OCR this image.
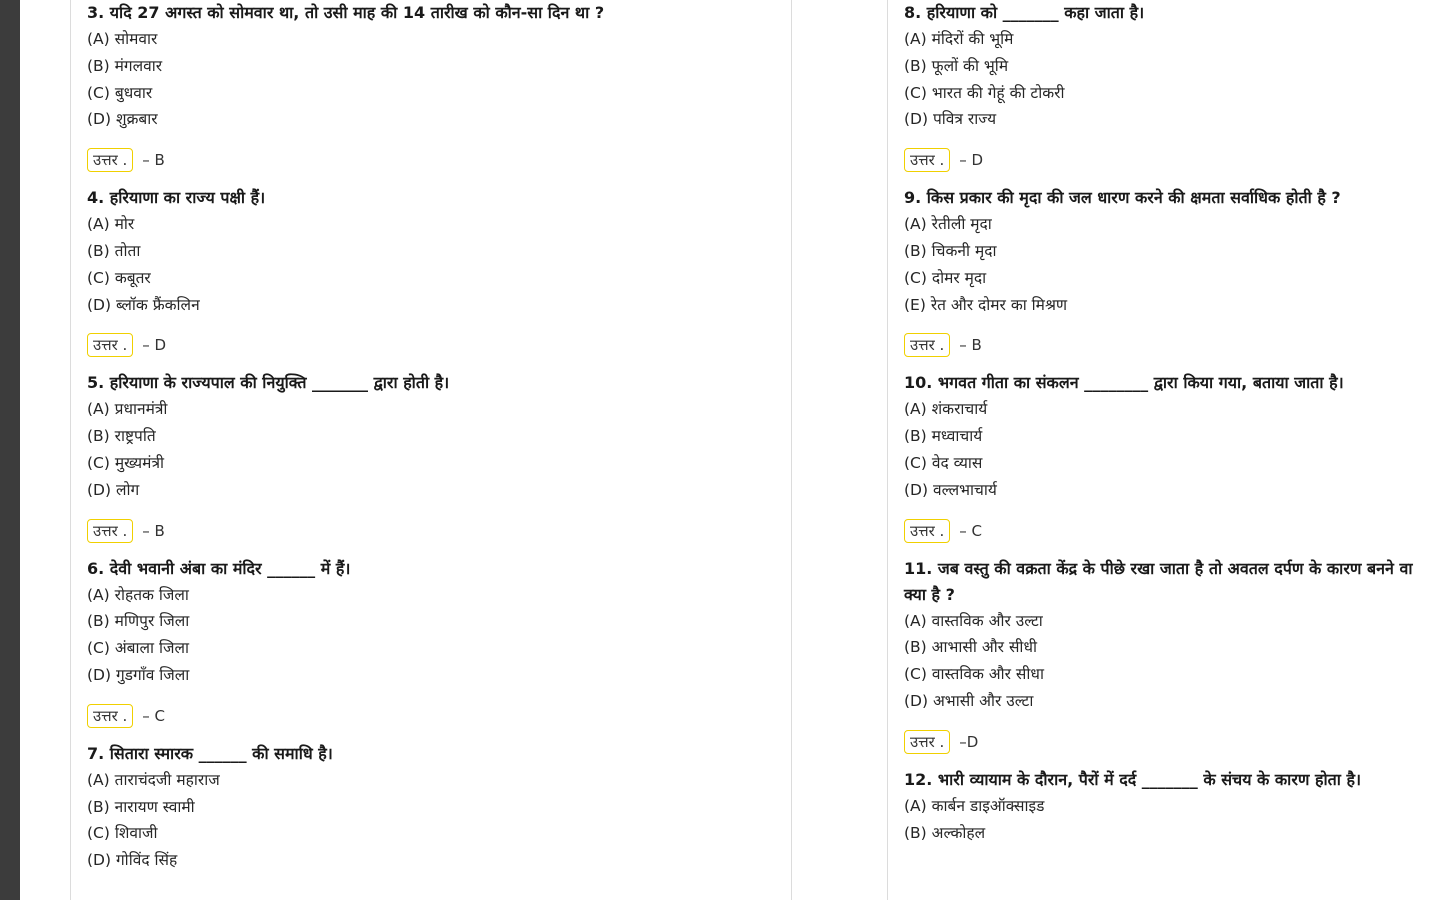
3. यदि 27 अगस्त को सोमवार था, तो उसी माह की 14 तारीख को कौन-सा दिन था ?

(A) सोमवार

(B) मंगलवार

(C) बुधवार

(D) शुक्रबार

उत्तर .	– B

4. हरियाणा का राज्य पक्षी हैं।

(A) मोर

(B) तोता

(C) कबूतर

(D) ब्लॉक फ्रैंकलिन

उत्तर .	– D

5. हरियाणा के राज्यपाल की नियुक्ति _______ द्वारा होती है।

(A) प्रधानमंत्री

(B) राष्ट्रपति

(C) मुख्यमंत्री

(D) लोग

उत्तर .	– B

6. देवी भवानी अंबा का मंदिर ______ में हैं।

(A) रोहतक जिला

(B) मणिपुर जिला

(C) अंबाला जिला

(D) गुडगाँव जिला

उत्तर .	– C

7. सितारा स्मारक ______ की समाधि है।

(A) ताराचंदजी महाराज

(B) नारायण स्वामी

(C) शिवाजी

(D) गोविंद सिंह

8. हरियाणा को _______ कहा जाता है।

(A) मंदिरों की भूमि

(B) फूलों की भूमि

(C) भारत की गेहूं की टोकरी

(D) पवित्र राज्य

उत्तर .	– D

9. किस प्रकार की मृदा की जल धारण करने की क्षमता सर्वाधिक होती है ?

(A) रेतीली मृदा

(B) चिकनी मृदा

(C) दोमर मृदा

(E) रेत और दोमर का मिश्रण

उत्तर .	– B

10. भगवत गीता का संकलन ________ द्वारा किया गया, बताया जाता है।

(A) शंकराचार्य

(B) मध्वाचार्य

(C) वेद व्यास

(D) वल्लभाचार्य

उत्तर .	– C

11. जब वस्तु की वक्रता केंद्र के पीछे रखा जाता है तो अवतल दर्पण के कारण बनने वा

क्या है ?

(A) वास्तविक और उल्टा

(B) आभासी और सीधी

(C) वास्तविक और सीधा

(D) अभासी और उल्टा

उत्तर .	–D

12. भारी व्यायाम के दौरान, पैरों में दर्द _______ के संचय के कारण होता है।

(A) कार्बन डाइऑक्साइड

(B) अल्कोहल
